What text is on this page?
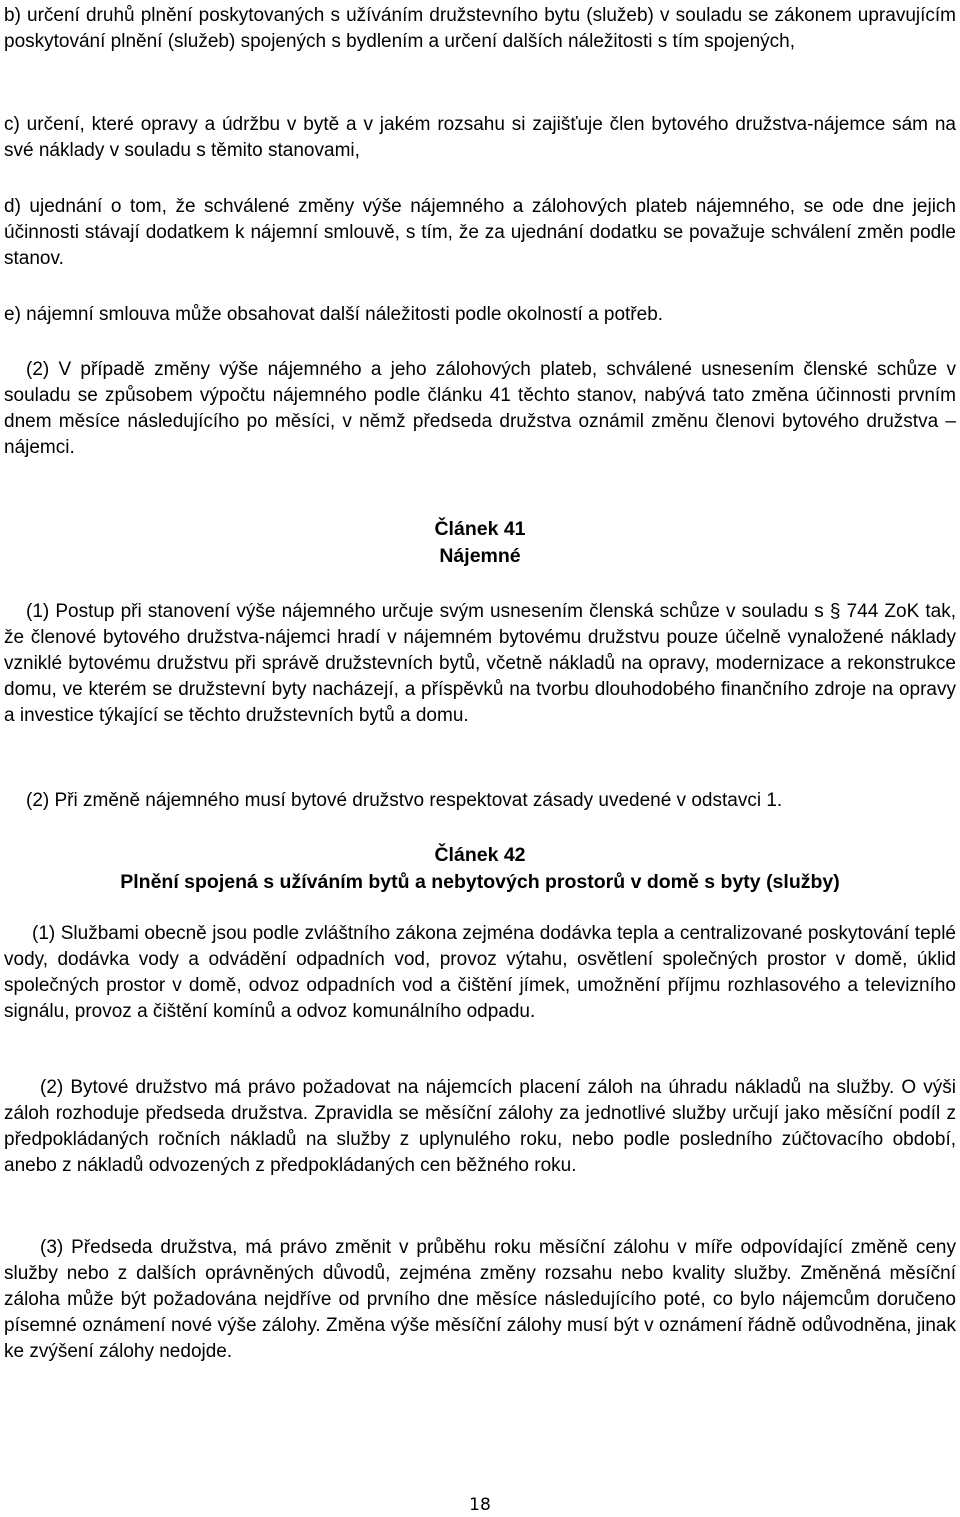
b) určení druhů plnění poskytovaných s užíváním družstevního bytu (služeb) v souladu se zákonem upravujícím poskytování plnění (služeb) spojených s bydlením a určení dalších náležitosti s tím spojených,

c) určení, které opravy a údržbu v bytě a v jakém rozsahu si zajišťuje člen bytového družstva-nájemce sám na své náklady v souladu s těmito stanovami,

d) ujednání o tom, že schválené změny výše nájemného a zálohových plateb nájemného, se ode dne jejich účinnosti stávají dodatkem k nájemní smlouvě, s tím, že za ujednání dodatku se považuje schválení změn podle stanov.

e) nájemní smlouva může obsahovat další náležitosti podle okolností a potřeb.

(2) V případě změny výše nájemného a jeho zálohových plateb, schválené usnesením členské schůze v souladu se způsobem výpočtu nájemného podle článku 41 těchto stanov, nabývá tato změna účinnosti prvním dnem měsíce následujícího po měsíci, v němž předseda družstva oznámil změnu členovi bytového družstva – nájemci.

Článek 41

Nájemné

(1) Postup při stanovení výše nájemného určuje svým usnesením členská schůze v souladu s § 744 ZoK tak, že členové bytového družstva-nájemci hradí v nájemném bytovému družstvu pouze účelně vynaložené náklady vzniklé bytovému družstvu při správě družstevních bytů, včetně nákladů na opravy, modernizace a rekonstrukce domu, ve kterém se družstevní byty nacházejí, a příspěvků na tvorbu dlouhodobého finančního zdroje na opravy a investice týkající se těchto družstevních bytů a domu.

(2) Při změně nájemného musí bytové družstvo respektovat zásady uvedené v odstavci 1.

Článek 42

Plnění spojená s užíváním bytů a nebytových prostorů v domě s byty (služby)

(1) Službami obecně jsou podle zvláštního zákona zejména dodávka tepla a centralizované poskytování teplé vody, dodávka vody a odvádění odpadních vod, provoz výtahu, osvětlení společných prostor v domě, úklid společných prostor v domě, odvoz odpadních vod a čištění jímek, umožnění příjmu rozhlasového a televizního signálu, provoz a čištění komínů a odvoz komunálního odpadu.

(2) Bytové družstvo má právo požadovat na nájemcích placení záloh na úhradu nákladů na služby. O výši záloh rozhoduje předseda družstva. Zpravidla se měsíční zálohy za jednotlivé služby určují jako měsíční podíl z předpokládaných ročních nákladů na služby z uplynulého roku, nebo podle posledního zúčtovacího období, anebo z nákladů odvozených z předpokládaných cen běžného roku.

(3) Předseda družstva, má právo změnit v průběhu roku měsíční zálohu v míře odpovídající změně ceny služby nebo z dalších oprávněných důvodů, zejména změny rozsahu nebo kvality služby. Změněná měsíční záloha může být požadována nejdříve od prvního dne měsíce následujícího poté, co bylo nájemcům doručeno písemné oznámení nové výše zálohy. Změna výše měsíční zálohy musí být v oznámení řádně odůvodněna, jinak ke zvýšení zálohy nedojde.

18
